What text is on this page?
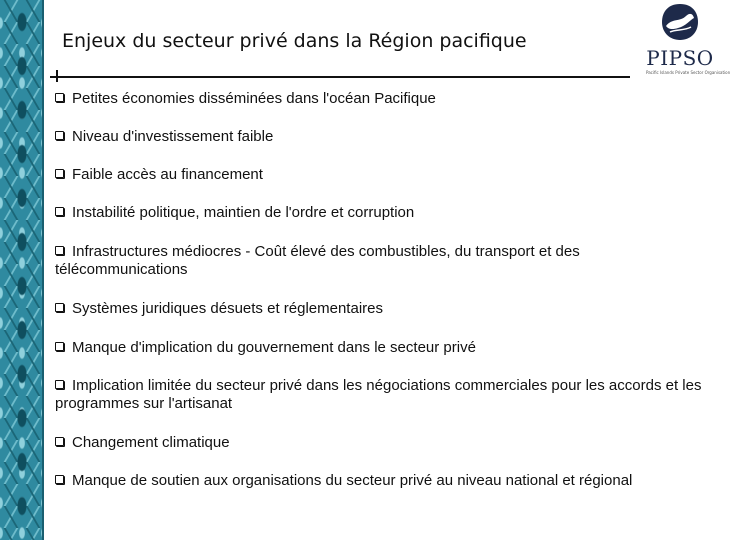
Enjeux du secteur privé dans la Région pacifique
PIPSO
Pacific Islands Private Sector Organisation
Petites économies disséminées dans l'océan Pacifique
Niveau d'investissement faible
Faible accès au financement
Instabilité politique, maintien de l'ordre et corruption
Infrastructures médiocres - Coût élevé des combustibles, du transport et des télécommunications
Systèmes juridiques désuets et réglementaires
Manque d'implication du gouvernement dans le secteur privé
Implication limitée du secteur privé dans les négociations commerciales pour les accords et les programmes sur l'artisanat
Changement climatique
Manque de soutien aux organisations du secteur privé au niveau national et régional
